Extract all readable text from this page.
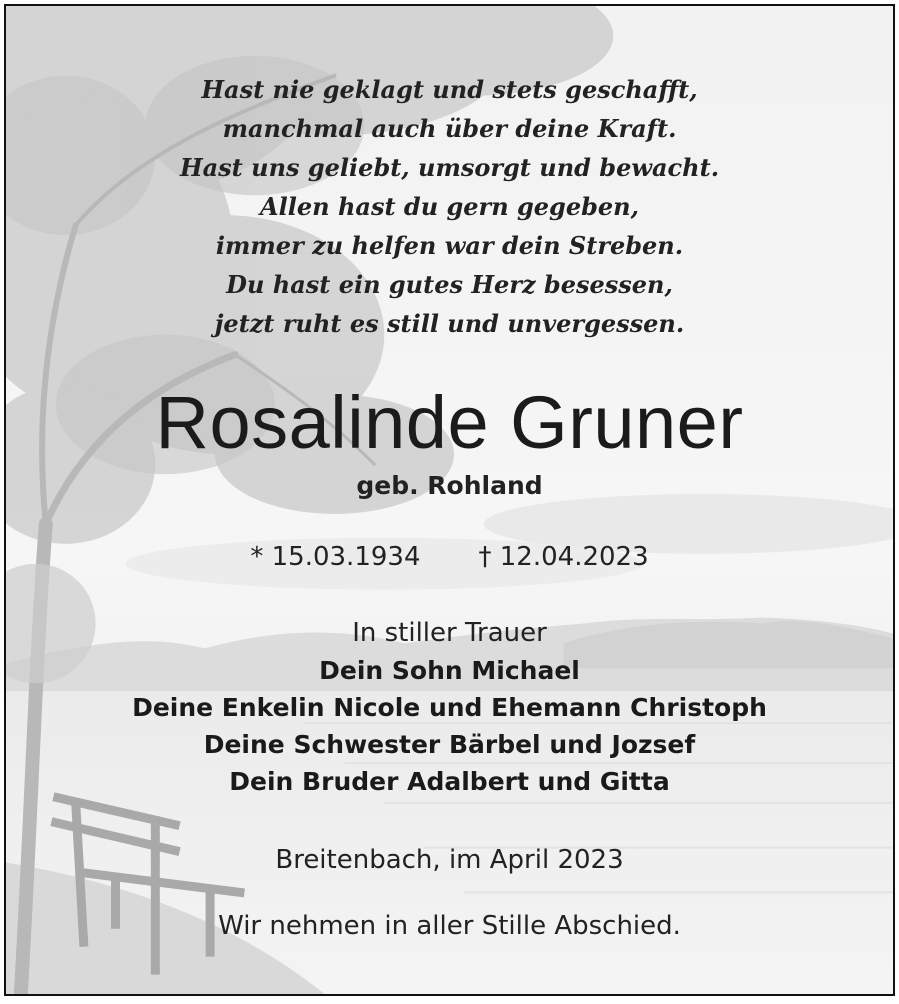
Hast nie geklagt und stets geschafft,
manchmal auch über deine Kraft.
Hast uns geliebt, umsorgt und bewacht.
Allen hast du gern gegeben,
immer zu helfen war dein Streben.
Du hast ein gutes Herz besessen,
jetzt ruht es still und unvergessen.
Rosalinde Gruner
geb. Rohland
* 15.03.1934 † 12.04.2023
In stiller Trauer
Dein Sohn Michael
Deine Enkelin Nicole und Ehemann Christoph
Deine Schwester Bärbel und Jozsef
Dein Bruder Adalbert und Gitta
Breitenbach, im April 2023
Wir nehmen in aller Stille Abschied.
